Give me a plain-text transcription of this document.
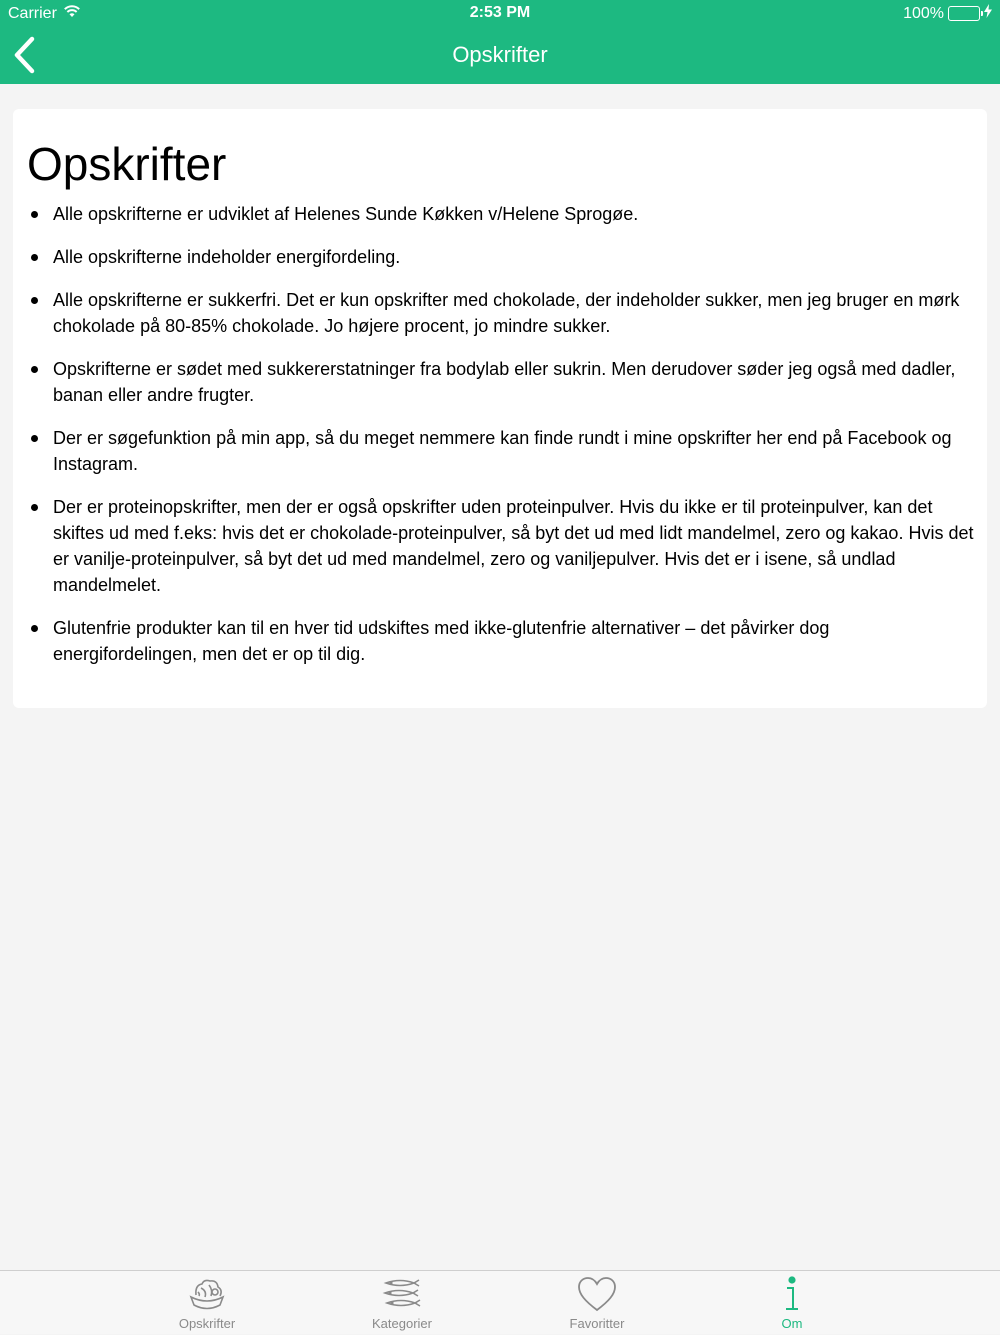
Carrier	2:53 PM	100%
Opskrifter
Opskrifter
Alle opskrifterne er udviklet af Helenes Sunde Køkken v/Helene Sprogøe.
Alle opskrifterne indeholder energifordeling.
Alle opskrifterne er sukkerfri. Det er kun opskrifter med chokolade, der indeholder sukker, men jeg bruger en mørk chokolade på 80-85% chokolade. Jo højere procent, jo mindre sukker.
Opskrifterne er sødet med sukkererstatninger fra bodylab eller sukrin. Men derudover søder jeg også med dadler, banan eller andre frugter.
Der er søgefunktion på min app, så du meget nemmere kan finde rundt i mine opskrifter her end på Facebook og Instagram.
Der er proteinopskrifter, men der er også opskrifter uden proteinpulver. Hvis du ikke er til proteinpulver, kan det skiftes ud med f.eks: hvis det er chokolade-proteinpulver, så byt det ud med lidt mandelmel, zero og kakao. Hvis det er vanilje-proteinpulver, så byt det ud med mandelmel, zero og vaniljepulver. Hvis det er i isene, så undlad mandelmelet.
Glutenfrie produkter kan til en hver tid udskiftes med ikke-glutenfrie alternativer – det påvirker dog energifordelingen, men det er op til dig.
Opskrifter	Kategorier	Favoritter	Om
